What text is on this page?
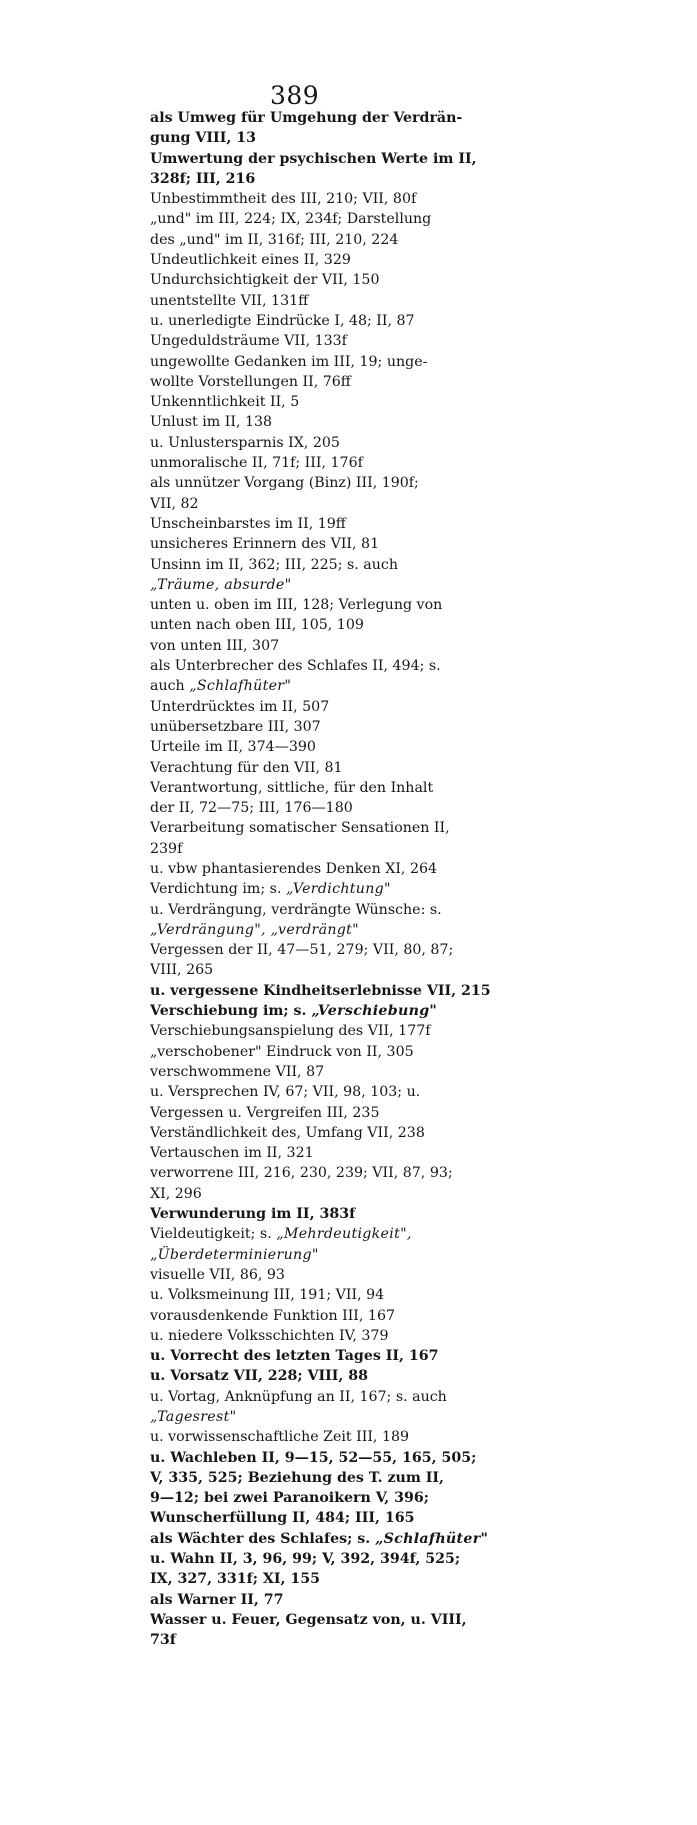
389
als Umweg für Umgehung der Verdrän-
gung VIII, 13
Umwertung der psychischen Werte im II,
328f; III, 216
Unbestimmtheit des III, 210; VII, 80f
„und" im III, 224; IX, 234f; Darstellung
des „und" im II, 316f; III, 210, 224
Undeutlichkeit eines II, 329
Undurchsichtigkeit der VII, 150
unentstellte VII, 131ff
u. unerledigte Eindrücke I, 48; II, 87
Ungeduldsträume VII, 133f
ungewollte Gedanken im III, 19; unge-
wollte Vorstellungen II, 76ff
Unkenntlichkeit II, 5
Unlust im II, 138
u. Unlustersparnis IX, 205
unmoralische II, 71f; III, 176f
als unnützer Vorgang (Binz) III, 190f;
VII, 82
Unscheinbarstes im II, 19ff
unsicheres Erinnern des VII, 81
Unsinn im II, 362; III, 225; s. auch
„Träume, absurde"
unten u. oben im III, 128; Verlegung von
unten nach oben III, 105, 109
von unten III, 307
als Unterbrecher des Schlafes II, 494; s.
auch „Schlafhüter"
Unterdrücktes im II, 507
unübersetzbare III, 307
Urteile im II, 374—390
Verachtung für den VII, 81
Verantwortung, sittliche, für den Inhalt
der II, 72—75; III, 176—180
Verarbeitung somatischer Sensationen II,
239f
u. vbw phantasierendes Denken XI, 264
Verdichtung im; s. „Verdichtung"
u. Verdrängung, verdrängte Wünsche: s.
„Verdrängung", „verdrängt"
Vergessen der II, 47—51, 279; VII, 80, 87;
VIII, 265
u. vergessene Kindheitserlebnisse VII, 215
Verschiebung im; s. „Verschiebung"
Verschiebungsanspielung des VII, 177f
„verschobener" Eindruck von II, 305
verschwommene VII, 87
u. Versprechen IV, 67; VII, 98, 103; u.
Vergessen u. Vergreifen III, 235
Verständlichkeit des, Umfang VII, 238
Vertauschen im II, 321
verworrene III, 216, 230, 239; VII, 87, 93;
XI, 296
Verwunderung im II, 383f
Vieldeutigkeit; s. „Mehrdeutigkeit",
„Überdeterminierung"
visuelle VII, 86, 93
u. Volksmeinung III, 191; VII, 94
vorausdenkende Funktion III, 167
u. niedere Volksschichten IV, 379
u. Vorrecht des letzten Tages II, 167
u. Vorsatz VII, 228; VIII, 88
u. Vortag, Anknüpfung an II, 167; s. auch
„Tagesrest"
u. vorwissenschaftliche Zeit III, 189
u. Wachleben II, 9—15, 52—55, 165, 505;
V, 335, 525; Beziehung des T. zum II,
9—12; bei zwei Paranoikern V, 396;
Wunscherfüllung II, 484; III, 165
als Wächter des Schlafes; s. „Schlafhüter"
u. Wahn II, 3, 96, 99; V, 392, 394f, 525;
IX, 327, 331f; XI, 155
als Warner II, 77
Wasser u. Feuer, Gegensatz von, u. VIII,
73f
